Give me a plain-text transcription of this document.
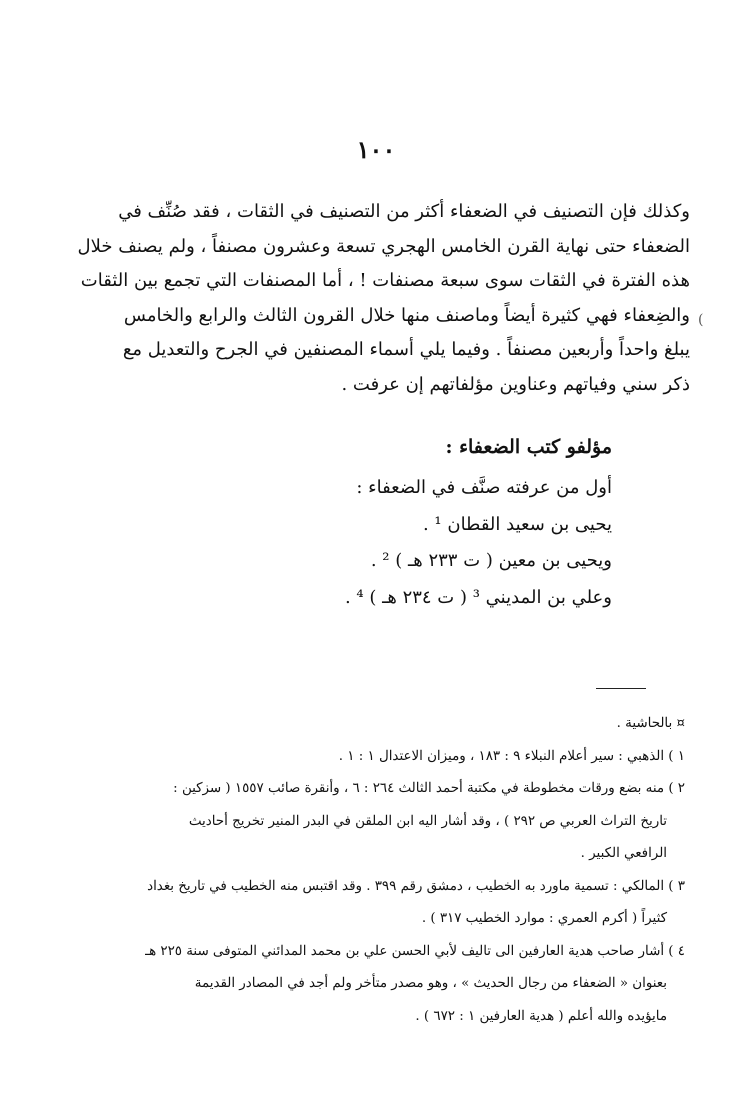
١٠٠
(
وكذلك فإن التصنيف في الضعفاء أكثر من التصنيف في الثقات ، فقد صُنِّف في
الضعفاء حتى نهاية القرن الخامس الهجري تسعة وعشرون مصنفاً ، ولم يصنف خلال
هذه الفترة في الثقات سوى سبعة مصنفات ! ، أما المصنفات التي تجمع بين الثقات
والضِعفاء فهي كثيرة أيضاً وماصنف منها خلال القرون الثالث والرابع والخامس
يبلغ واحداً وأربعين مصنفاً . وفيما يلي أسماء المصنفين في الجرح والتعديل مع
ذكر سني وفياتهم وعناوين مؤلفاتهم إن عرفت .
مؤلفو كتب الضعفاء :
أول من عرفته صنَّف في الضعفاء :
يحيى بن سعيد القطان ¹ .
ويحيى بن معين ( ت ٢٣٣ هـ ) ² .
وعلي بن المديني ³ ( ت ٢٣٤ هـ ) ⁴ .
¤ بالحاشية .
١ ) الذهبي : سير أعلام النبلاء ٩ : ١٨٣ ، وميزان الاعتدال ١ : ١ .
٢ ) منه بضع ورقات مخطوطة في مكتبة أحمد الثالث ٢٦٤ : ٦ ، وأنقرة صائب ١٥٥٧ ( سزكين :
تاريخ التراث العربي ص ٢٩٢ ) ، وقد أشار اليه ابن الملقن في البدر المنير تخريج أحاديث
الرافعي الكبير .
٣ ) المالكي : تسمية ماورد به الخطيب ، دمشق رقم ٣٩٩ . وقد اقتبس منه الخطيب في تاريخ بغداد
كثيراً ( أكرم العمري : موارد الخطيب ٣١٧ ) .
٤ ) أشار صاحب هدية العارفين الى تاليف لأبي الحسن علي بن محمد المدائني المتوفى سنة ٢٢٥ هـ
بعنوان « الضعفاء من رجال الحديث » ، وهو مصدر متأخر ولم أجد في المصادر القديمة
مايؤيده والله أعلم ( هدية العارفين ١ : ٦٧٢ ) .
